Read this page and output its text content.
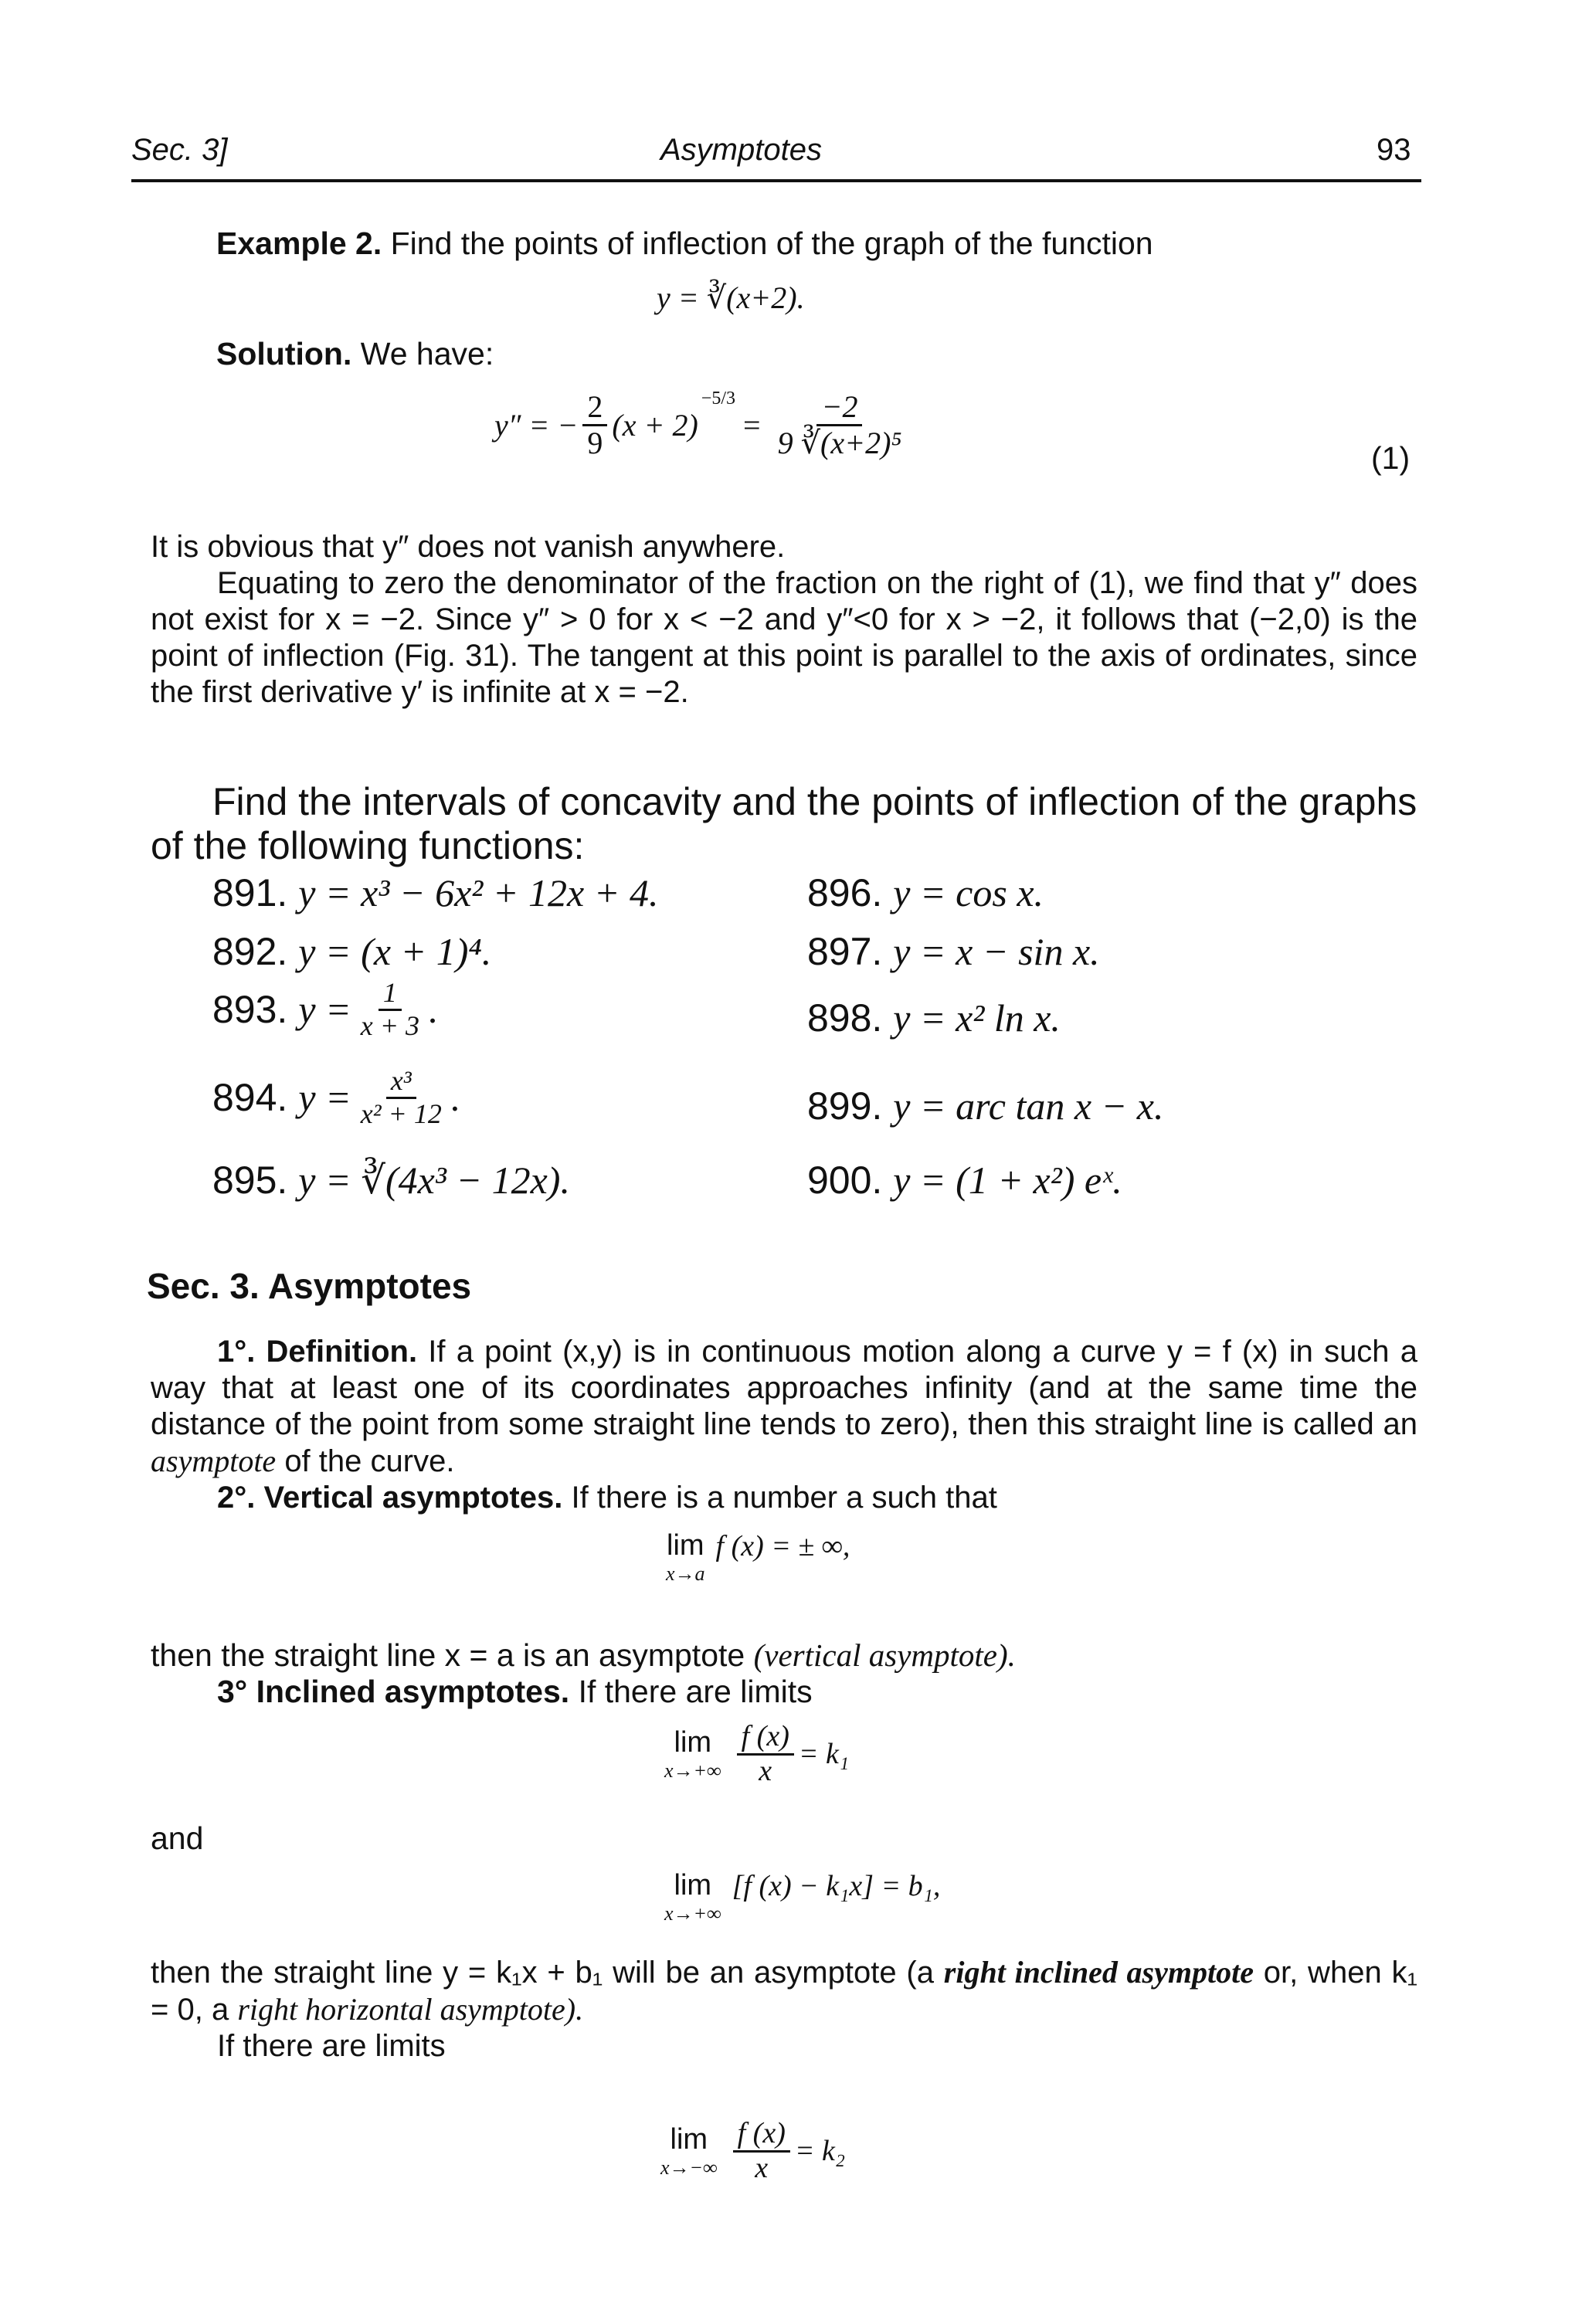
Sec. 3]	Asymptotes	93
Example 2. Find the points of inflection of the graph of the function
y = ∛(x+2).
Solution. We have:
y″ = − $\frac{2}{9} (x + 2)$
−5/3
= $\frac{-2}{\text{9 ∛(x+2)⁵}}$	(1)

It is obvious that y″ does not vanish anywhere.

Equating to zero the denominator of the fraction on the right of (1), we find that y″ does not exist for x = −2. Since y″ > 0 for x < −2 and y″<0 for x > −2, it follows that (−2,0) is the point of inflection (Fig. 31). The tangent at this point is parallel to the axis of ordinates, since the first derivative y′ is infinite at x = −2.

Find the intervals of concavity and the points of inflection of the graphs of the following functions:
891. y = x³ − 6x² + 12x + 4.
892. y = (x + 1)⁴.
893. $y = \frac{1}{x + 3}$ .
894. $y = \frac{\text{x³}}{\text{x² + 12}}$ .
895. y = ∛(4x³ − 12x).
896. y = cos x.
897. y = x − sin x.
898. y = x² ln x.
899. y = arc tan x − x.
900. y = (1 + x²) eˣ.
Sec. 3. Asymptotes

1°. Definition. If a point (x,y) is in continuous motion along a curve y = f (x) in such a way that at least one of its coordinates approaches infinity (and at the same time the distance of the point from some straight line tends to zero), then this straight line is called an asymptote of the curve.

2°. Vertical asymptotes. If there is a number a such that

lim
x→a
f (x) = ± ∞,
then the straight line x = a is an asymptote (vertical asymptote).
3° Inclined asymptotes. If there are limits
lim
$x\to+\infty \frac{f (x)}{x} = k_1$
and
lim
x→+∞
[f (x) − k₁x] = b₁,

then the straight line y = k₁x + b₁ will be an asymptote (a right inclined asymptote or, when k₁ = 0, a right horizontal asymptote).

If there are limits

lim
$x\to-\infty \frac{f (x)}{x} = k_2$
